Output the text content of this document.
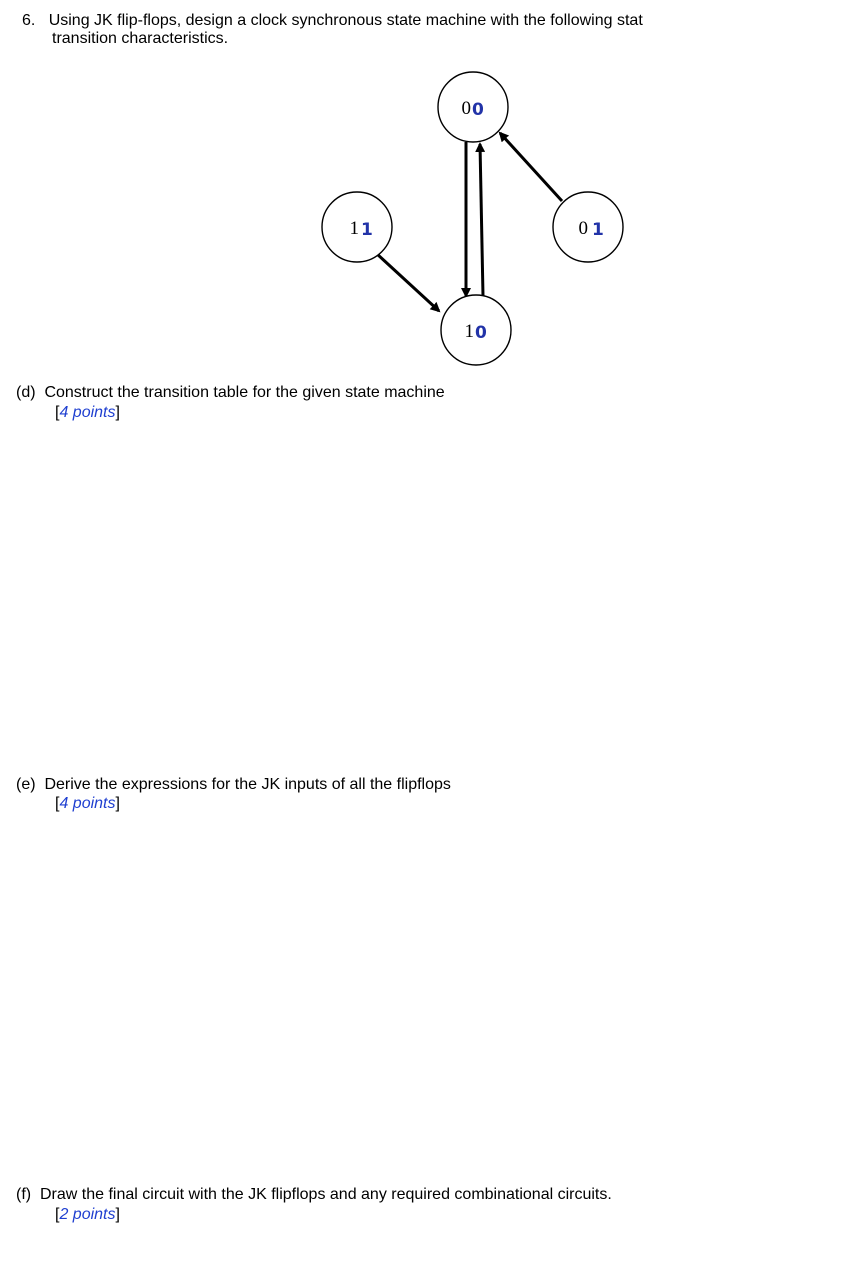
6. Using JK flip-flops, design a clock synchronous state machine with the following stat
transition characteristics.
0 0
1 1	0 1
1 0
(d) Construct the transition table for the given state machine
[4 points]
(e) Derive the expressions for the JK inputs of all the flipflops
[4 points]
(f) Draw the final circuit with the JK flipflops and any required combinational circuits.
[2 points]
